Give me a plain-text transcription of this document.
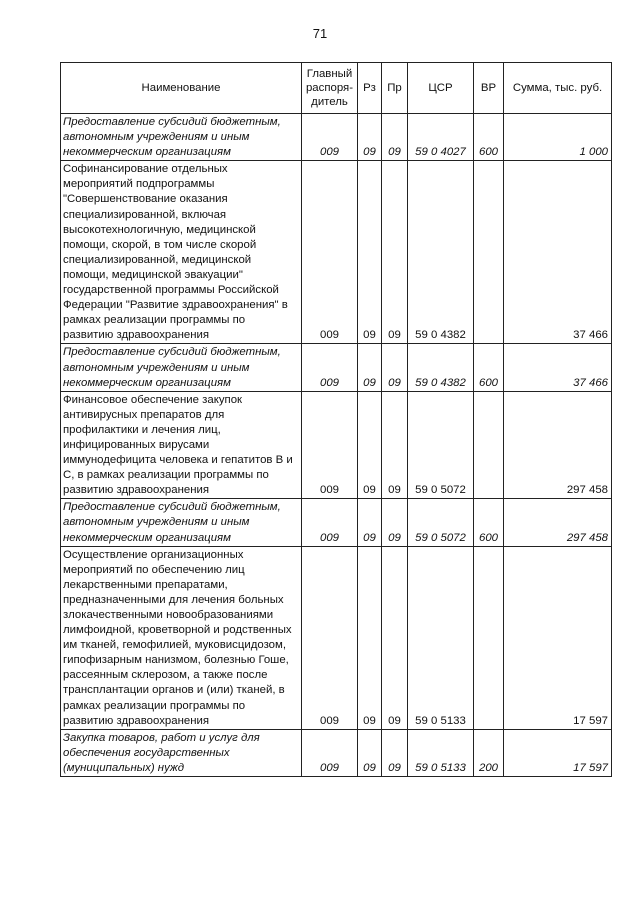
71
Наименование	Главный распоря-дитель	Рз	Пр	ЦСР	ВР	Сумма, тыс. руб.
Предоставление субсидий бюджетным, автономным учреждениям и иным некоммерческим организациям	009	09	09	59 0 4027	600	1 000
Софинансирование отдельных мероприятий подпрограммы "Совершенствование оказания специализированной, включая высокотехнологичную, медицинской помощи, скорой, в том числе скорой специализированной, медицинской помощи, медицинской эвакуации" государственной программы Российской Федерации "Развитие здравоохранения" в рамках реализации программы по развитию здравоохранения	009	09	09	59 0 4382		37 466
Предоставление субсидий бюджетным, автономным учреждениям и иным некоммерческим организациям	009	09	09	59 0 4382	600	37 466
Финансовое обеспечение закупок антивирусных препаратов для профилактики и лечения лиц, инфицированных вирусами иммунодефицита человека и гепатитов В и С, в рамках реализации программы по развитию здравоохранения	009	09	09	59 0 5072		297 458
Предоставление субсидий бюджетным, автономным учреждениям и иным некоммерческим организациям	009	09	09	59 0 5072	600	297 458
Осуществление организационных мероприятий по обеспечению лиц лекарственными препаратами, предназначенными для лечения больных злокачественными новообразованиями лимфоидной, кроветворной и родственных им тканей, гемофилией, муковисцидозом, гипофизарным нанизмом, болезнью Гоше, рассеянным склерозом, а также после трансплантации органов и (или) тканей, в рамках реализации программы по развитию здравоохранения	009	09	09	59 0 5133		17 597
Закупка товаров, работ и услуг для обеспечения государственных (муниципальных) нужд	009	09	09	59 0 5133	200	17 597
